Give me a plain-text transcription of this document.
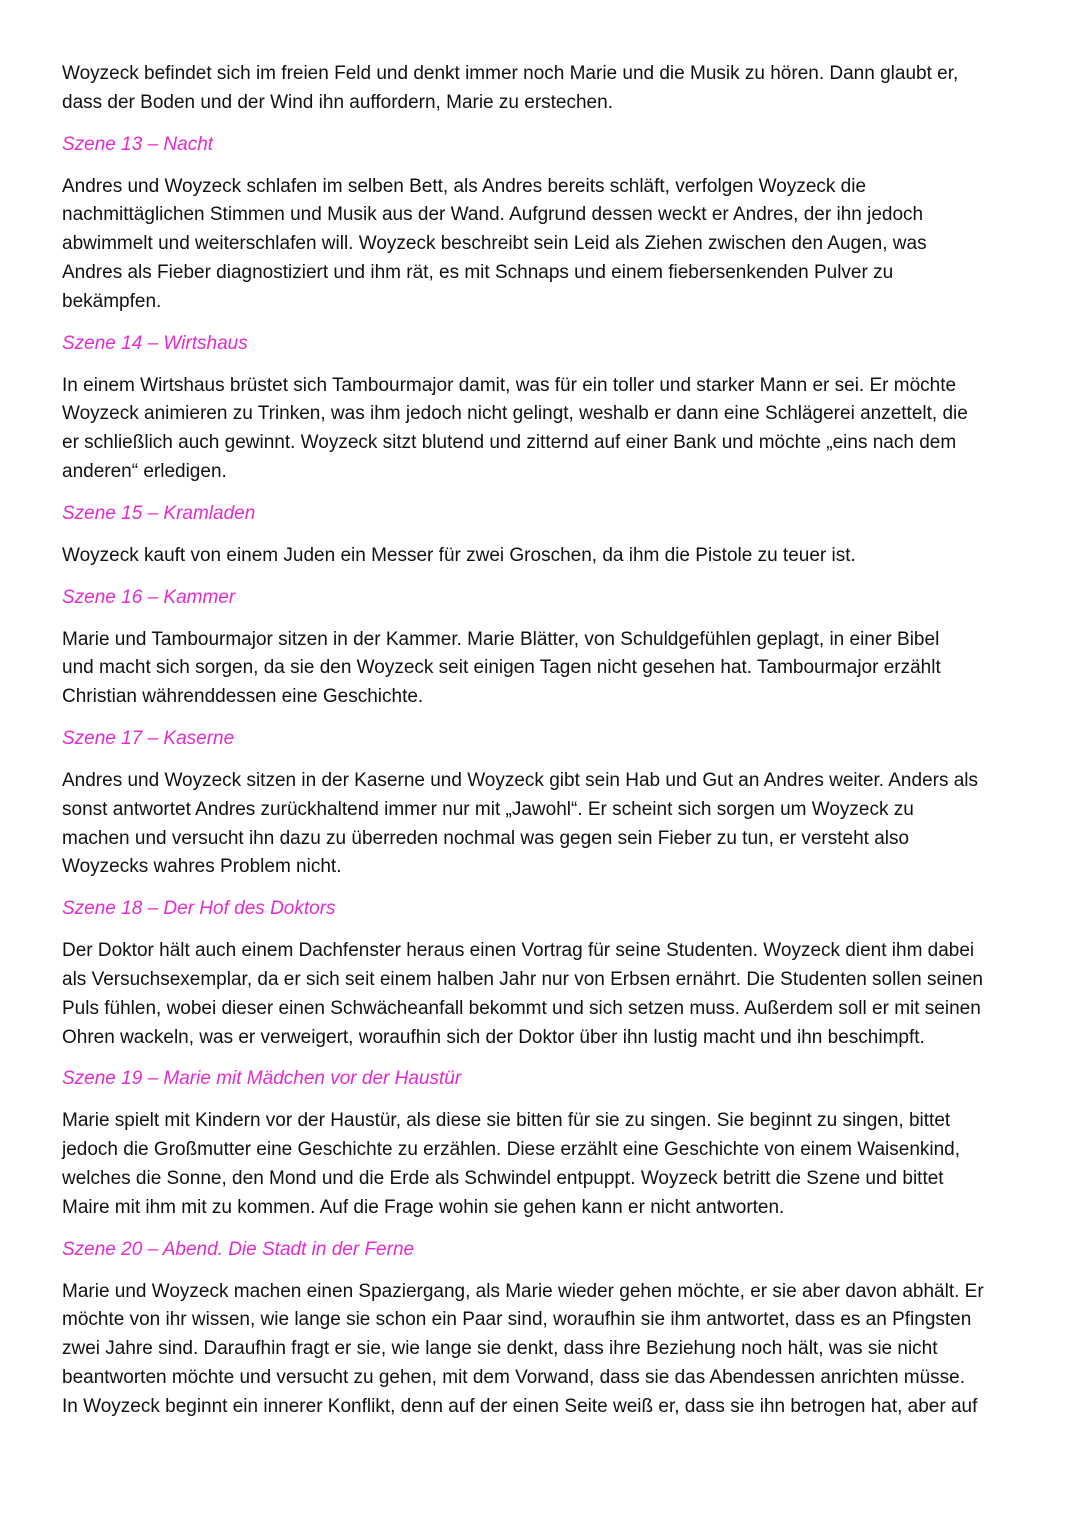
Woyzeck befindet sich im freien Feld und denkt immer noch Marie und die Musik zu hören. Dann glaubt er,
dass der Boden und der Wind ihn auffordern, Marie zu erstechen.

Szene 13 – Nacht

Andres und Woyzeck schlafen im selben Bett, als Andres bereits schläft, verfolgen Woyzeck die
nachmittäglichen Stimmen und Musik aus der Wand. Aufgrund dessen weckt er Andres, der ihn jedoch
abwimmelt und weiterschlafen will. Woyzeck beschreibt sein Leid als Ziehen zwischen den Augen, was
Andres als Fieber diagnostiziert und ihm rät, es mit Schnaps und einem fiebersenkenden Pulver zu
bekämpfen.

Szene 14 – Wirtshaus

In einem Wirtshaus brüstet sich Tambourmajor damit, was für ein toller und starker Mann er sei. Er möchte
Woyzeck animieren zu Trinken, was ihm jedoch nicht gelingt, weshalb er dann eine Schlägerei anzettelt, die
er schließlich auch gewinnt. Woyzeck sitzt blutend und zitternd auf einer Bank und möchte „eins nach dem
anderen“ erledigen.

Szene 15 – Kramladen

Woyzeck kauft von einem Juden ein Messer für zwei Groschen, da ihm die Pistole zu teuer ist.

Szene 16 – Kammer

Marie und Tambourmajor sitzen in der Kammer. Marie Blätter, von Schuldgefühlen geplagt, in einer Bibel
und macht sich sorgen, da sie den Woyzeck seit einigen Tagen nicht gesehen hat. Tambourmajor erzählt
Christian währenddessen eine Geschichte.

Szene 17 – Kaserne

Andres und Woyzeck sitzen in der Kaserne und Woyzeck gibt sein Hab und Gut an Andres weiter. Anders als
sonst antwortet Andres zurückhaltend immer nur mit „Jawohl“. Er scheint sich sorgen um Woyzeck zu
machen und versucht ihn dazu zu überreden nochmal was gegen sein Fieber zu tun, er versteht also
Woyzecks wahres Problem nicht.

Szene 18 – Der Hof des Doktors

Der Doktor hält auch einem Dachfenster heraus einen Vortrag für seine Studenten. Woyzeck dient ihm dabei
als Versuchsexemplar, da er sich seit einem halben Jahr nur von Erbsen ernährt. Die Studenten sollen seinen
Puls fühlen, wobei dieser einen Schwächeanfall bekommt und sich setzen muss. Außerdem soll er mit seinen
Ohren wackeln, was er verweigert, woraufhin sich der Doktor über ihn lustig macht und ihn beschimpft.

Szene 19 – Marie mit Mädchen vor der Haustür

Marie spielt mit Kindern vor der Haustür, als diese sie bitten für sie zu singen. Sie beginnt zu singen, bittet
jedoch die Großmutter eine Geschichte zu erzählen. Diese erzählt eine Geschichte von einem Waisenkind,
welches die Sonne, den Mond und die Erde als Schwindel entpuppt. Woyzeck betritt die Szene und bittet
Maire mit ihm mit zu kommen. Auf die Frage wohin sie gehen kann er nicht antworten.

Szene 20 – Abend. Die Stadt in der Ferne

Marie und Woyzeck machen einen Spaziergang, als Marie wieder gehen möchte, er sie aber davon abhält. Er
möchte von ihr wissen, wie lange sie schon ein Paar sind, woraufhin sie ihm antwortet, dass es an Pfingsten
zwei Jahre sind. Daraufhin fragt er sie, wie lange sie denkt, dass ihre Beziehung noch hält, was sie nicht
beantworten möchte und versucht zu gehen, mit dem Vorwand, dass sie das Abendessen anrichten müsse.
In Woyzeck beginnt ein innerer Konflikt, denn auf der einen Seite weiß er, dass sie ihn betrogen hat, aber auf
